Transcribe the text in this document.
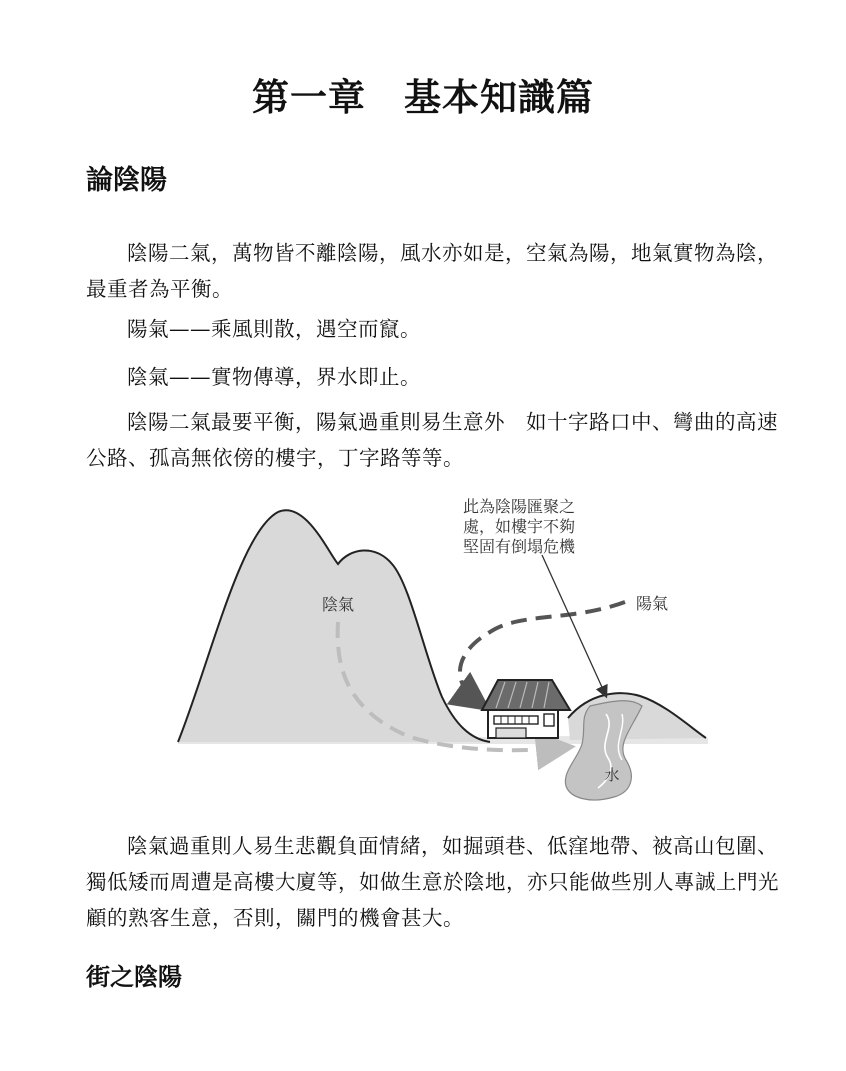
第一章　基本知識篇
論陰陽

陰陽二氣，萬物皆不離陰陽，風水亦如是，空氣為陽，地氣實物為陰，最重者為平衡。

陽氣——乘風則散，遇空而竄。

陰氣——實物傳導，界水即止。

陰陽二氣最要平衡，陽氣過重則易生意外　如十字路口中、彎曲的高速公路、孤高無依傍的樓宇，丁字路等等。

陰氣	陽氣
水
此為陰陽匯聚之
處，如樓宇不夠
堅固有倒塌危機

陰氣過重則人易生悲觀負面情緒，如掘頭巷、低窪地帶、被高山包圍、獨低矮而周遭是高樓大廈等，如做生意於陰地，亦只能做些別人專誠上門光顧的熟客生意，否則，關門的機會甚大。

街之陰陽
